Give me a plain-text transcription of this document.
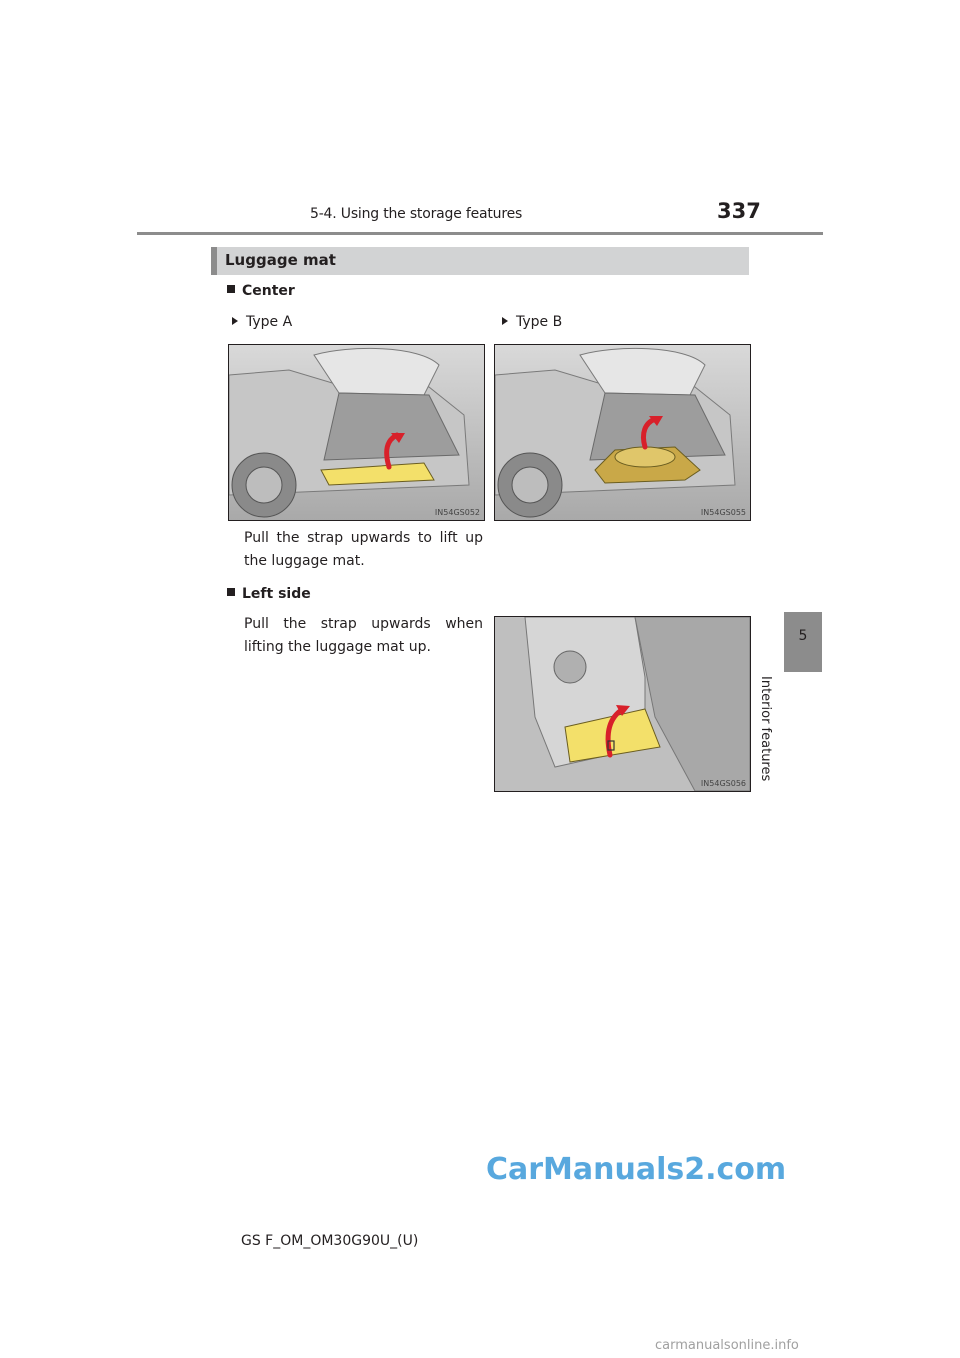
5-4. Using the storage features	337
5
Interior features
Luggage mat
Center
Type A	Type B
IN54GS052	IN54GS055
Pull the strap upwards to lift up the luggage mat.
Left side
Pull the strap upwards when lifting the luggage mat up.
IN54GS056
CarManuals2.com
GS F_OM_OM30G90U_(U)
carmanualsonline.info
